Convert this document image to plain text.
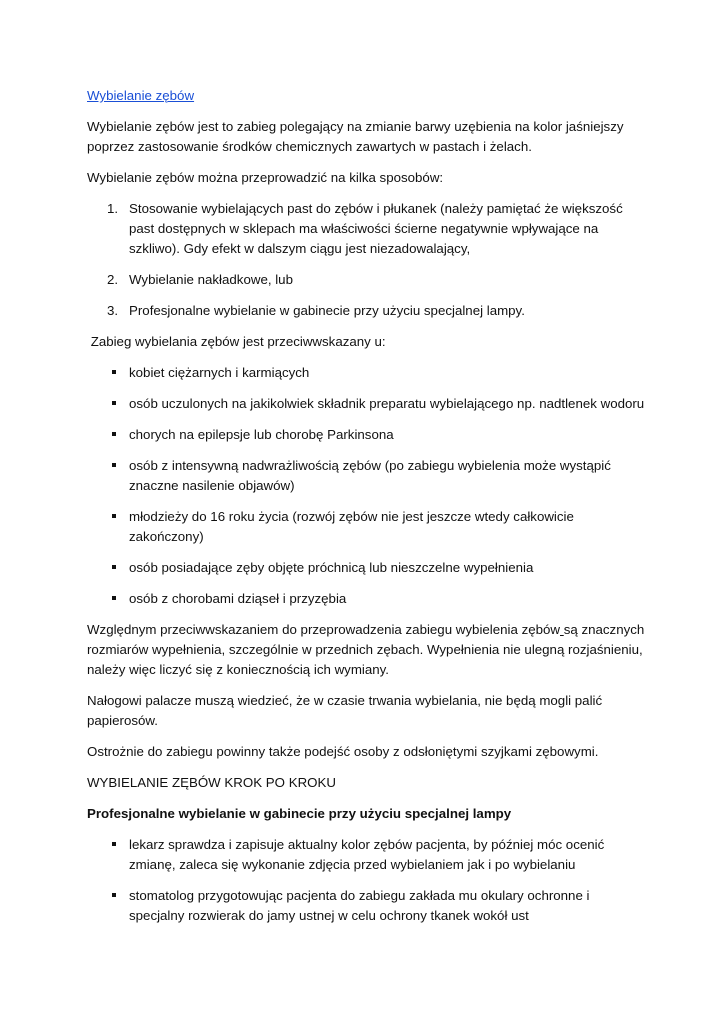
Wybielanie zębów

Wybielanie zębów jest to zabieg polegający na zmianie barwy uzębienia na kolor jaśniejszy poprzez zastosowanie środków chemicznych zawartych w pastach i żelach.

Wybielanie zębów można przeprowadzić na kilka sposobów:

1. Stosowanie wybielających past do zębów i płukanek (należy pamiętać że większość past dostępnych w sklepach ma właściwości ścierne negatywnie wpływające na szkliwo). Gdy efekt w dalszym ciągu jest niezadowalający,
2. Wybielanie nakładkowe, lub
3. Profesjonalne wybielanie w gabinecie przy użyciu specjalnej lampy.

Zabieg wybielania zębów jest przeciwwskazany u:

kobiet ciężarnych i karmiących
osób uczulonych na jakikolwiek składnik preparatu wybielającego np. nadtlenek wodoru
chorych na epilepsje lub chorobę Parkinsona
osób z intensywną nadwrażliwością zębów (po zabiegu wybielenia może wystąpić znaczne nasilenie objawów)
młodzieży do 16 roku życia (rozwój zębów nie jest jeszcze wtedy całkowicie zakończony)
osób posiadające zęby objęte próchnicą lub nieszczelne wypełnienia
osób z chorobami dziąseł i przyzębia

Względnym przeciwwskazaniem do przeprowadzenia zabiegu wybielenia zębów są znacznych rozmiarów wypełnienia, szczególnie w przednich zębach. Wypełnienia nie ulegną rozjaśnieniu, należy więc liczyć się z koniecznością ich wymiany.

Nałogowi palacze muszą wiedzieć, że w czasie trwania wybielania, nie będą mogli palić papierosów.

Ostrożnie do zabiegu powinny także podejść osoby z odsłoniętymi szyjkami zębowymi.

WYBIELANIE ZĘBÓW KROK PO KROKU

Profesjonalne wybielanie w gabinecie przy użyciu specjalnej lampy

lekarz sprawdza i zapisuje aktualny kolor zębów pacjenta, by później móc ocenić zmianę, zaleca się wykonanie zdjęcia przed wybielaniem jak i po wybielaniu
stomatolog przygotowując pacjenta do zabiegu zakłada mu okulary ochronne i specjalny rozwierak do jamy ustnej w celu ochrony tkanek wokół ust
